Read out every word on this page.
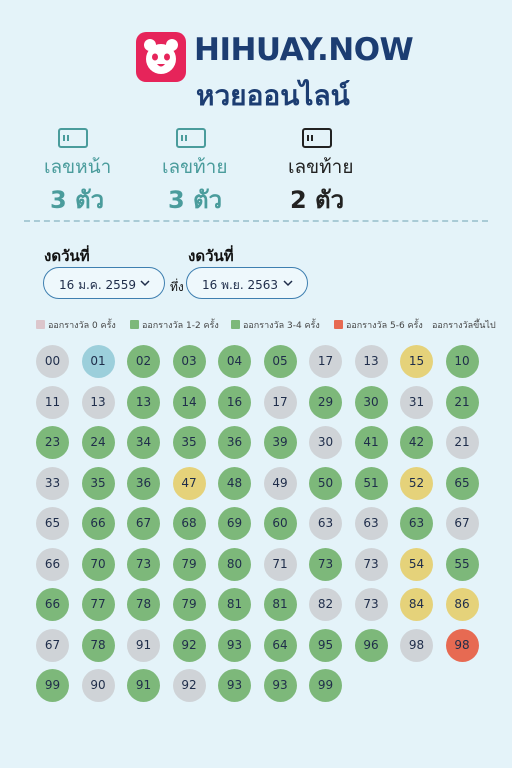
HIHUAY.NOW
หวยออนไลน์
เลขหน้า
3 ตัว
เลขท้าย
3 ตัว
เลขท้าย
2 ตัว
งดวันที่
16 ม.ค. 2559	ทึ่ง
งดวันที่
16 พ.ย. 2563
ออกรางวัล 0 ครั้ง	ออกรางวัล 1-2 ครั้ง	ออกรางวัล 3-4 ครั้ง	ออกรางวัล 5-6 ครั้ง ออกรางวัลขึ้นไป
00	01	02	03	04	05	17	13	15	10
11	13	13	14	16	17	29	30	31	21
23	24	34	35	36	39	30	41	42	21
33	35	36	47	48	49	50	51	52	65
65	66	67	68	69	60	63	63	63	67
66	70	73	79	80	71	73	73	54	55
66	77	78	79	81	81	82	73	84	86
67	78	91	92	93	64	95	96	98	98
99	90	91	92	93	93	99
